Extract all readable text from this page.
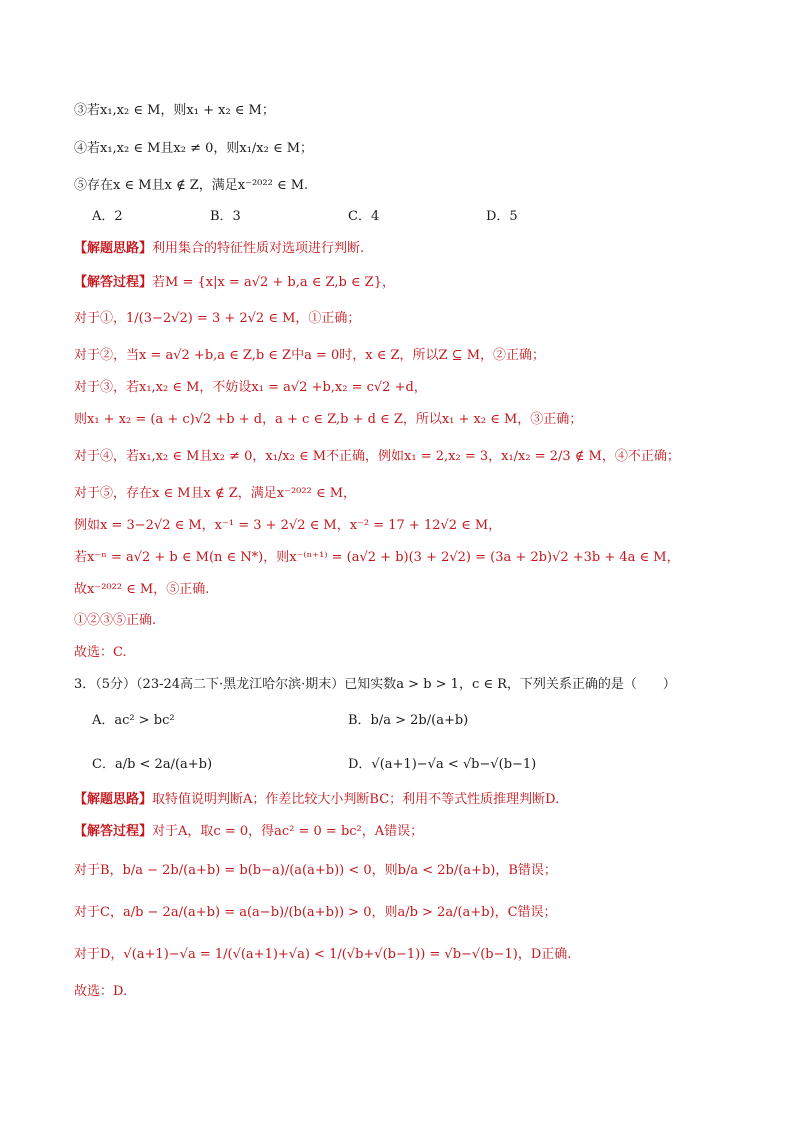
③若x₁,x₂ ∈ M，则x₁ + x₂ ∈ M；
④若x₁,x₂ ∈ M且x₂ ≠ 0，则x₁/x₂ ∈ M；
⑤存在x ∈ M且x ∉ Z，满足x⁻²⁰²² ∈ M.
A．2	B．3	C．4	D．5
【解题思路】利用集合的特征性质对选项进行判断.
【解答过程】若M = {x|x = a√2 + b,a ∈ Z,b ∈ Z}，
对于①，1/(3−2√2) = 3 + 2√2 ∈ M，①正确；
对于②，当x = a√2 +b,a ∈ Z,b ∈ Z中a = 0时，x ∈ Z，所以Z ⊆ M，②正确；
对于③，若x₁,x₂ ∈ M，不妨设x₁ = a√2 +b,x₂ = c√2 +d，
则x₁ + x₂ = (a + c)√2 +b + d，a + c ∈ Z,b + d ∈ Z，所以x₁ + x₂ ∈ M，③正确；
对于④，若x₁,x₂ ∈ M且x₂ ≠ 0，x₁/x₂ ∈ M不正确，例如x₁ = 2,x₂ = 3，x₁/x₂ = 2/3 ∉ M，④不正确；
对于⑤，存在x ∈ M且x ∉ Z，满足x⁻²⁰²² ∈ M，
例如x = 3−2√2 ∈ M，x⁻¹ = 3 + 2√2 ∈ M，x⁻² = 17 + 12√2 ∈ M，
若x⁻ⁿ = a√2 + b ∈ M(n ∈ N*)，则x⁻⁽ⁿ⁺¹⁾ = (a√2 + b)(3 + 2√2) = (3a + 2b)√2 +3b + 4a ∈ M，
故x⁻²⁰²² ∈ M，⑤正确.
①②③⑤正确.
故选：C.
3．（5分）（23-24高二下·黑龙江哈尔滨·期末）已知实数a > b > 1，c ∈ R，下列关系正确的是（　　）
A．ac² > bc²	B．b/a > 2b/(a+b)
C．a/b < 2a/(a+b)	D．√(a+1)−√a < √b−√(b−1)
【解题思路】取特值说明判断A；作差比较大小判断BC；利用不等式性质推理判断D.
【解答过程】对于A，取c = 0，得ac² = 0 = bc²，A错误；
对于B，b/a − 2b/(a+b) = b(b−a)/(a(a+b)) < 0，则b/a < 2b/(a+b)，B错误；
对于C，a/b − 2a/(a+b) = a(a−b)/(b(a+b)) > 0，则a/b > 2a/(a+b)，C错误；
对于D，√(a+1)−√a = 1/(√(a+1)+√a) < 1/(√b+√(b−1)) = √b−√(b−1)，D正确.
故选：D.
